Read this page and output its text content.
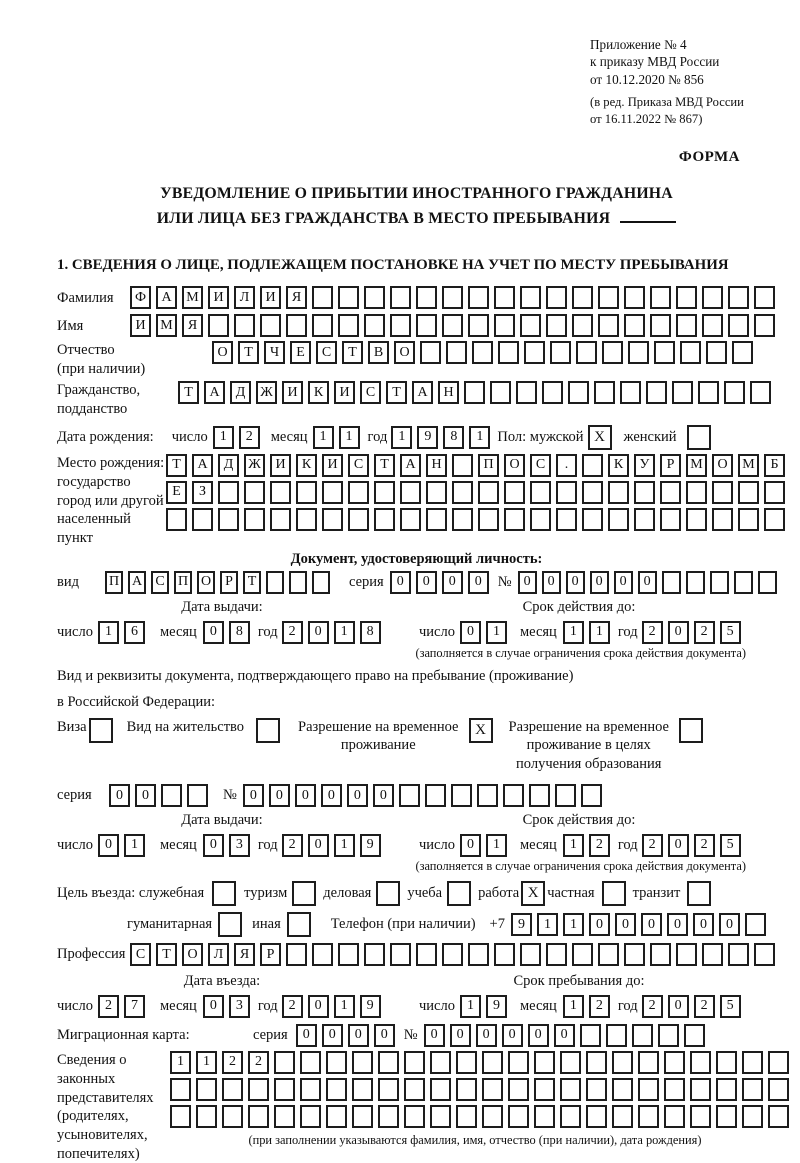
Приложение № 4
к приказу МВД России
от 10.12.2020 № 856
(в ред. Приказа МВД России
от 16.11.2022 № 867)
ФОРМА
УВЕДОМЛЕНИЕ О ПРИБЫТИИ ИНОСТРАННОГО ГРАЖДАНИНА
ИЛИ ЛИЦА БЕЗ ГРАЖДАНСТВА В МЕСТО ПРЕБЫВАНИЯ
1. СВЕДЕНИЯ О ЛИЦЕ, ПОДЛЕЖАЩЕМ ПОСТАНОВКЕ НА УЧЕТ ПО МЕСТУ ПРЕБЫВАНИЯ
Фамилия	Ф	А	М	И	Л	И	Я
Имя	И	М	Я
Отчество
(при наличии)
О	Т	Ч	Е	С	Т	В	О
Гражданство,
подданство
Т	А	Д	Ж	И	К	И	С	Т	А	Н
Дата рождения: число 1	2	месяц 1	1	год 1	9	8	1 Пол: мужской X	женский
Место рождения:
государство
город или другой
населенный пункт
Т	А	Д	Ж	И	К	И	С	Т	А	Н	П	О	С	.	К	У	Р	М	О	М	Б
Е	З
Документ, удостоверяющий личность:
вид	П А С П О	Р	Т	серия 0	0	0	0	№ 0	0	0	0	0	0
Дата выдачи:
число 1	6	месяц 0	8	год 2	0	1	8
Срок действия до:
число 0	1	месяц 1	1	год 2	0	2	5
(заполняется в случае ограничения срока действия документа)
Вид и реквизиты документа, подтверждающего право на пребывание (проживание)
в Российской Федерации:
Виза	Вид на жительство	Разрешение на временное
проживание
X	Разрешение на временное
проживание в целях
получения образования
серия	0	0	№ 0	0	0	0	0	0
Дата выдачи:
число 0	1	месяц 0	3	год 2	0	1	9
Срок действия до:
число 0	1	месяц 1	2	год 2	0	2	5
(заполняется в случае ограничения срока действия документа)
Цель въезда: служебная	туризм деловая учеба работа X частная	транзит
гуманитарная	иная	Телефон (при наличии) +7 9	1	1	0	0	0	0	0	0
Профессия С	Т	О	Л	Я	Р
Дата въезда:
число 2	7	месяц 0	3	год 2	0	1	9
Срок пребывания до:
число 1	9	месяц 1	2	год 2	0	2	5
Миграционная карта:	серия	0	0	0	0	№ 0	0	0	0	0	0
Сведения о
законных
представителях
(родителях,
усыновителях,
попечителях)
1	1	2	2
(при заполнении указываются фамилия, имя, отчество (при наличии), дата рождения)
